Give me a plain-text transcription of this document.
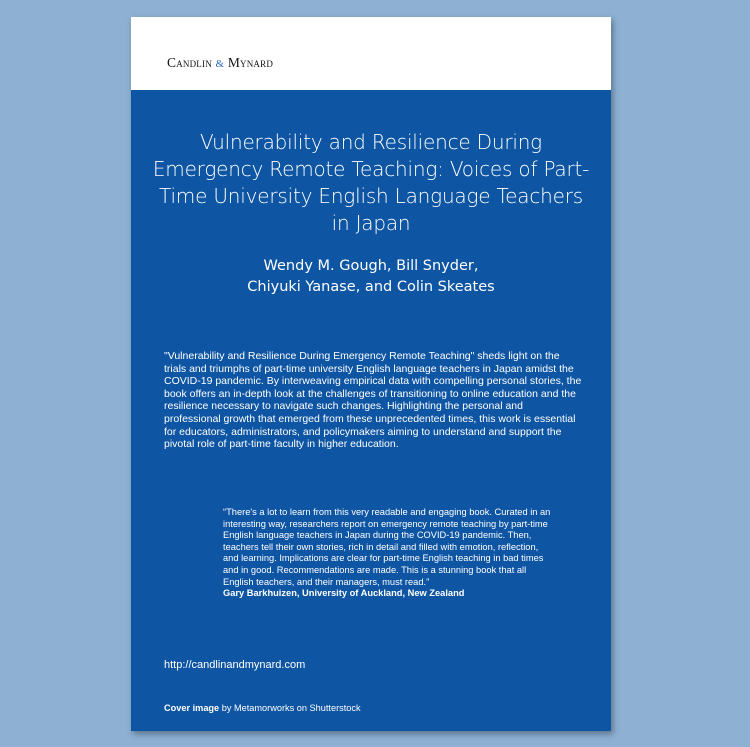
Candlin & Mynard
Vulnerability and Resilience During Emergency Remote Teaching: Voices of Part-Time University English Language Teachers in Japan
Wendy M. Gough, Bill Snyder,
Chiyuki Yanase, and Colin Skeates
"Vulnerability and Resilience During Emergency Remote Teaching" sheds light on the trials and triumphs of part-time university English language teachers in Japan amidst the COVID-19 pandemic. By interweaving empirical data with compelling personal stories, the book offers an in-depth look at the challenges of transitioning to online education and the resilience necessary to navigate such changes. Highlighting the personal and professional growth that emerged from these unprecedented times, this work is essential for educators, administrators, and policymakers aiming to understand and support the pivotal role of part-time faculty in higher education.
“There's a lot to learn from this very readable and engaging book. Curated in an interesting way, researchers report on emergency remote teaching by part-time English language teachers in Japan during the COVID-19 pandemic. Then, teachers tell their own stories, rich in detail and filled with emotion, reflection, and learning. Implications are clear for part-time English teaching in bad times and in good. Recommendations are made. This is a stunning book that all English teachers, and their managers, must read.”
Gary Barkhuizen, University of Auckland, New Zealand
http://candlinandmynard.com
Cover image by Metamorworks on Shutterstock
